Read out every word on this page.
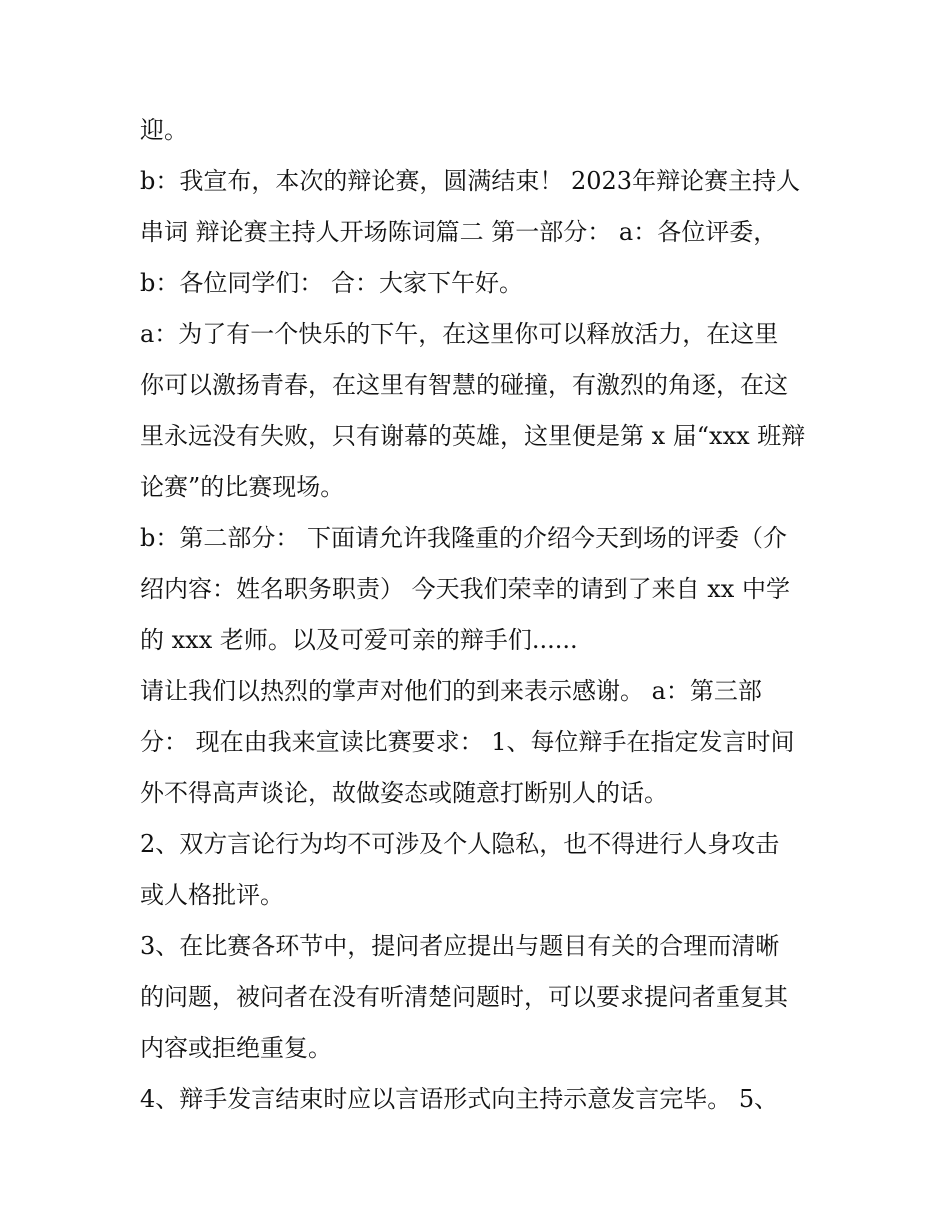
迎。
b：我宣布，本次的辩论赛，圆满结束！ 2023年辩论赛主持人
串词 辩论赛主持人开场陈词篇二 第一部分： a：各位评委，
b：各位同学们： 合：大家下午好。
a：为了有一个快乐的下午，在这里你可以释放活力，在这里
你可以激扬青春，在这里有智慧的碰撞，有激烈的角逐，在这
里永远没有失败，只有谢幕的英雄，这里便是第 x 届“xxx 班辩
论赛”的比赛现场。
b：第二部分： 下面请允许我隆重的介绍今天到场的评委（介
绍内容：姓名职务职责） 今天我们荣幸的请到了来自 xx 中学
的 xxx 老师。以及可爱可亲的辩手们......
请让我们以热烈的掌声对他们的到来表示感谢。 a：第三部
分： 现在由我来宣读比赛要求： 1、每位辩手在指定发言时间
外不得高声谈论，故做姿态或随意打断别人的话。
2、双方言论行为均不可涉及个人隐私，也不得进行人身攻击
或人格批评。
3、在比赛各环节中，提问者应提出与题目有关的合理而清晰
的问题，被问者在没有听清楚问题时，可以要求提问者重复其
内容或拒绝重复。
4、辩手发言结束时应以言语形式向主持示意发言完毕。 5、
